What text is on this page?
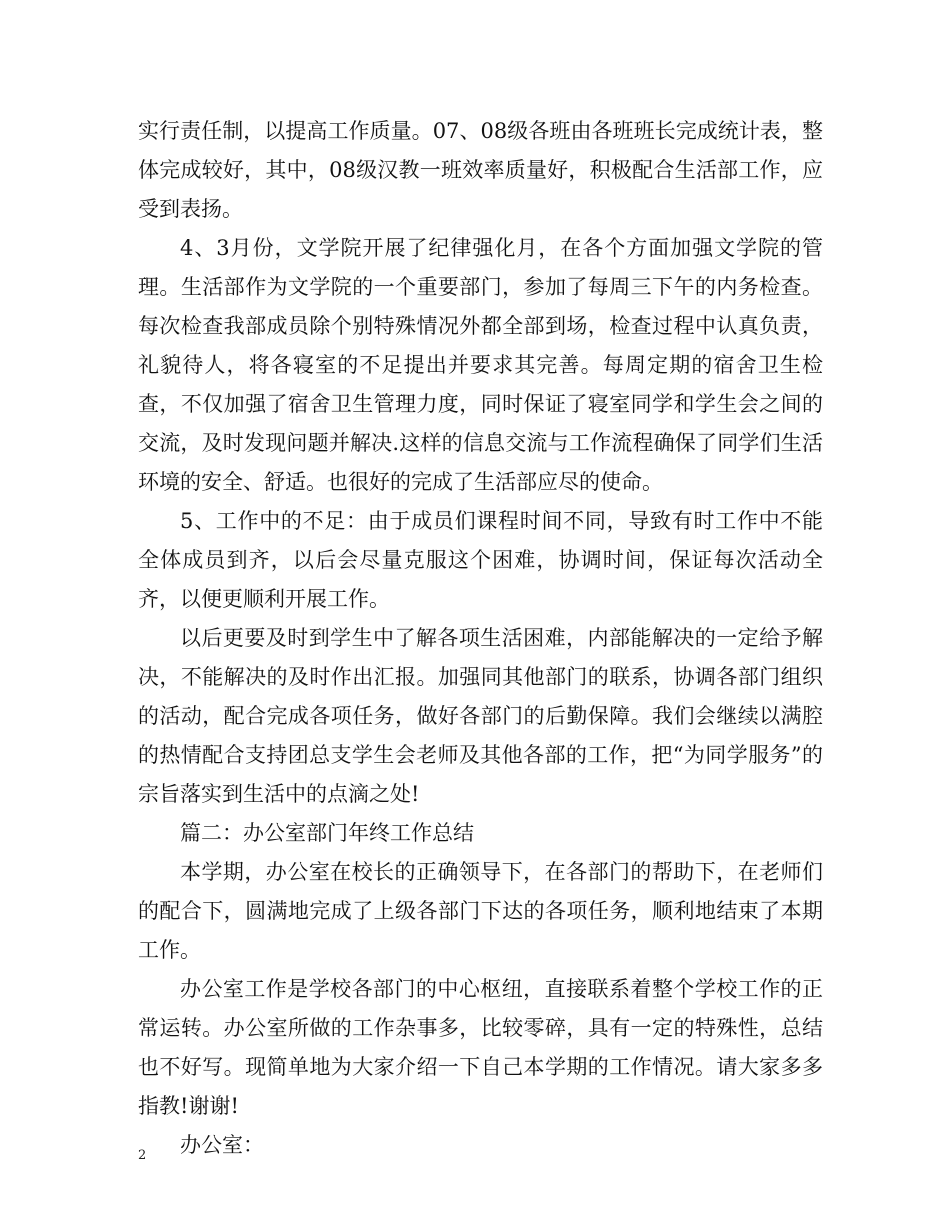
实行责任制，以提高工作质量。07、08级各班由各班班长完成统计表，整体完成较好，其中，08级汉教一班效率质量好，积极配合生活部工作，应受到表扬。

4、3月份，文学院开展了纪律强化月，在各个方面加强文学院的管理。生活部作为文学院的一个重要部门，参加了每周三下午的内务检查。每次检查我部成员除个别特殊情况外都全部到场，检查过程中认真负责，礼貌待人，将各寝室的不足提出并要求其完善。每周定期的宿舍卫生检查，不仅加强了宿舍卫生管理力度，同时保证了寝室同学和学生会之间的交流，及时发现问题并解决.这样的信息交流与工作流程确保了同学们生活环境的安全、舒适。也很好的完成了生活部应尽的使命。

5、工作中的不足：由于成员们课程时间不同，导致有时工作中不能全体成员到齐，以后会尽量克服这个困难，协调时间，保证每次活动全齐，以便更顺利开展工作。

以后更要及时到学生中了解各项生活困难，内部能解决的一定给予解决，不能解决的及时作出汇报。加强同其他部门的联系，协调各部门组织的活动，配合完成各项任务，做好各部门的后勤保障。我们会继续以满腔的热情配合支持团总支学生会老师及其他各部的工作，把“为同学服务”的宗旨落实到生活中的点滴之处!

篇二：办公室部门年终工作总结

本学期，办公室在校长的正确领导下，在各部门的帮助下，在老师们的配合下，圆满地完成了上级各部门下达的各项任务，顺利地结束了本期工作。

办公室工作是学校各部门的中心枢纽，直接联系着整个学校工作的正常运转。办公室所做的工作杂事多，比较零碎，具有一定的特殊性，总结也不好写。现简单地为大家介绍一下自己本学期的工作情况。请大家多多指教!谢谢!

办公室：

2
